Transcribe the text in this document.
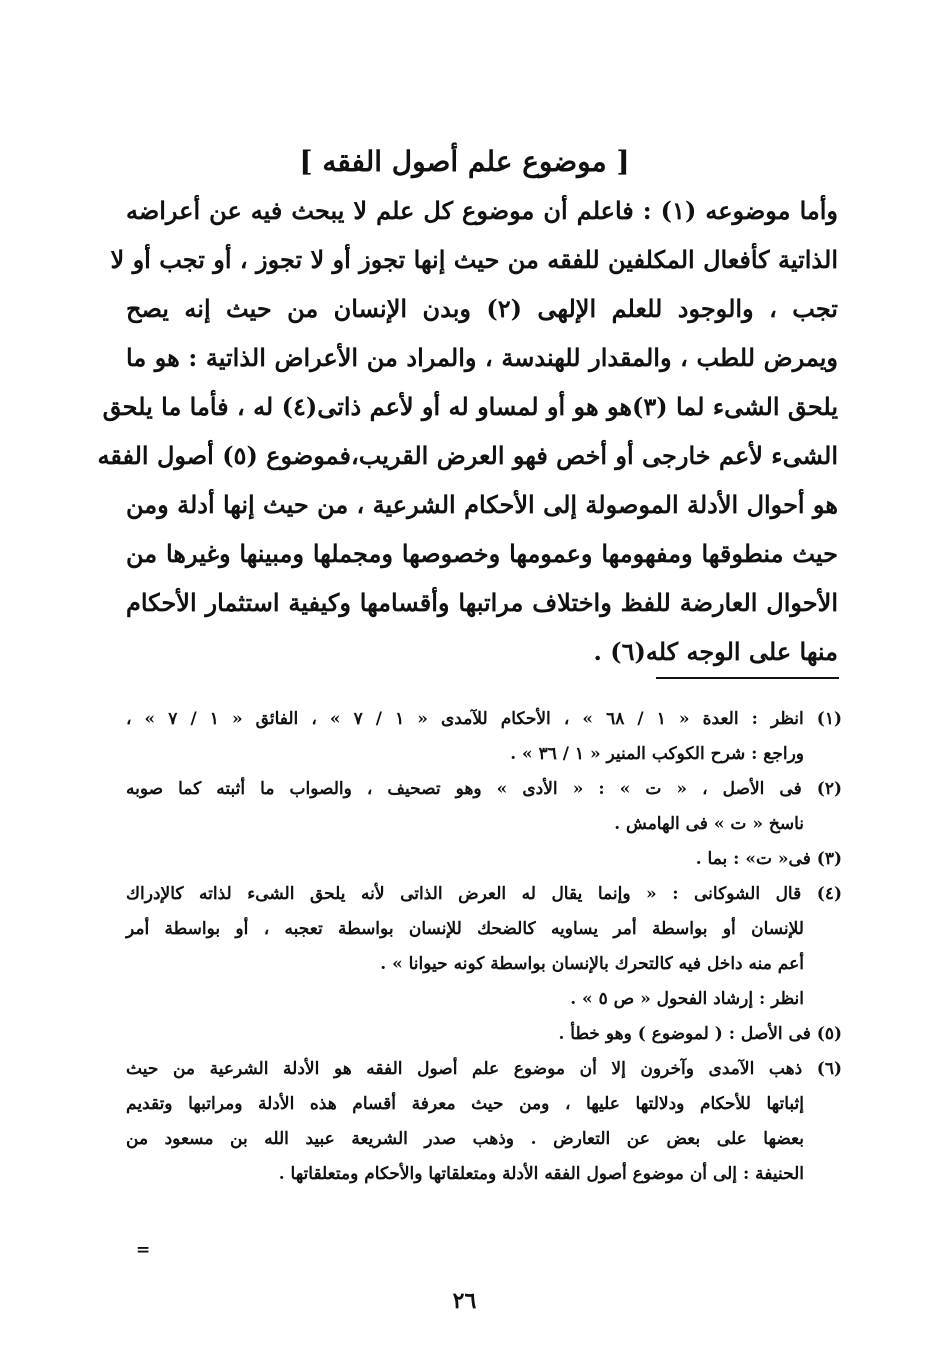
[ موضوع علم أصول الفقه ]
وأما موضوعه (١) : فاعلم أن موضوع كل علم لا يبحث فيه عن أعراضه
الذاتية كأفعال المكلفين للفقه من حيث إنها تجوز أو لا تجوز ، أو تجب أو لا
تجب ، والوجود للعلم الإلهى (٢) وبدن الإنسان من حيث إنه يصح
ويمرض للطب ، والمقدار للهندسة ، والمراد من الأعراض الذاتية : هو ما
يلحق الشىء لما (٣)هو هو أو لمساو له أو لأعم ذاتى(٤) له ، فأما ما يلحق
الشىء لأعم خارجى أو أخص فهو العرض القريب،فموضوع (٥) أصول الفقه
هو أحوال الأدلة الموصولة إلى الأحكام الشرعية ، من حيث إنها أدلة ومن
حيث منطوقها ومفهومها وعمومها وخصوصها ومجملها ومبينها وغيرها من
الأحوال العارضة للفظ واختلاف مراتبها وأقسامها وكيفية استثمار الأحكام
منها على الوجه كله(٦) .
(١) انظر : العدة « ١ / ٦٨ » ، الأحكام للآمدى « ١ / ٧ » ، الفائق « ١ / ٧ » ،
وراجع : شرح الكوكب المنير « ١ / ٣٦ » .
(٢) فى الأصل ، « ت » : « الأدى » وهو تصحيف ، والصواب ما أثبته كما صوبه
ناسخ « ت » فى الهامش .
(٣) فى« ت» : بما .
(٤) قال الشوكانى : « وإنما يقال له العرض الذاتى لأنه يلحق الشىء لذاته كالإدراك
للإنسان أو بواسطة أمر يساويه كالضحك للإنسان بواسطة تعجبه ، أو بواسطة أمر
أعم منه داخل فيه كالتحرك بالإنسان بواسطة كونه حيوانا » .
انظر : إرشاد الفحول « ص ٥ » .
(٥) فى الأصل : ( لموضوع ) وهو خطأ .
(٦) ذهب الآمدى وآخرون إلا أن موضوع علم أصول الفقه هو الأدلة الشرعية من حيث
إثباتها للأحكام ودلالتها عليها ، ومن حيث معرفة أقسام هذه الأدلة ومراتبها وتقديم
بعضها على بعض عن التعارض . وذهب صدر الشريعة عبيد الله بن مسعود من
الحنيفة : إلى أن موضوع أصول الفقه الأدلة ومتعلقاتها والأحكام ومتعلقاتها .
=
٢٦
